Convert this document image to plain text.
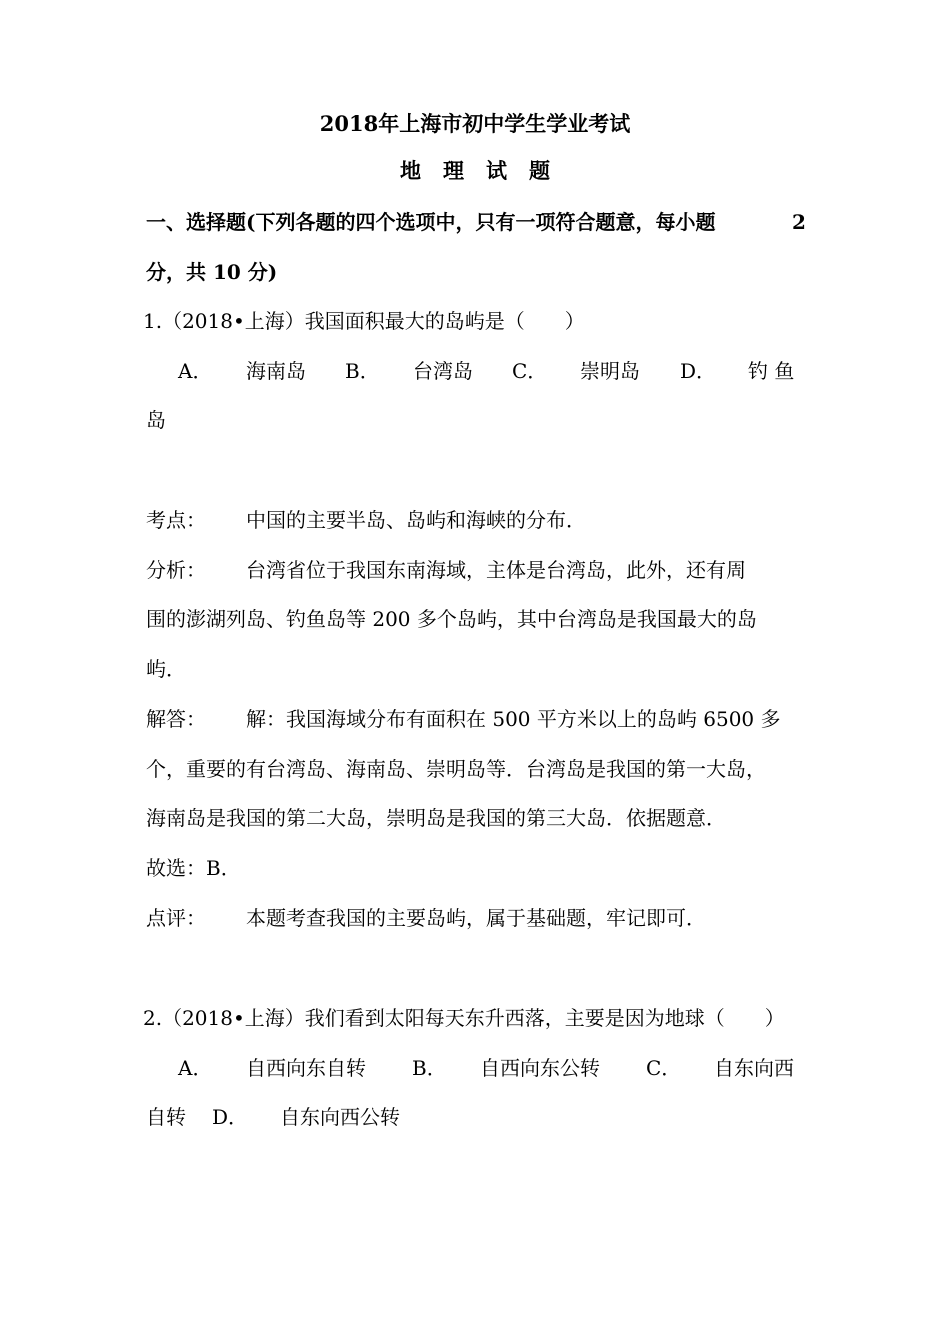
2018年上海市初中学生学业考试
地理试题
一、选择题(下列各题的四个选项中，只有一项符合题意，每小题	2
分，共 10 分)
1.（2018•上海）我国面积最大的岛屿是（　　）
A． 海南岛 B． 台湾岛 C． 崇明岛 D． 钓 鱼
岛
考点： 中国的主要半岛、岛屿和海峡的分布．
分析： 台湾省位于我国东南海域，主体是台湾岛，此外，还有周
围的澎湖列岛、钓鱼岛等 200 多个岛屿，其中台湾岛是我国最大的岛
屿．
解答： 解：我国海域分布有面积在 500 平方米以上的岛屿 6500 多
个，重要的有台湾岛、海南岛、崇明岛等．台湾岛是我国的第一大岛，
海南岛是我国的第二大岛，崇明岛是我国的第三大岛．依据题意．
故选：B．
点评： 本题考查我国的主要岛屿，属于基础题，牢记即可．
2.（2018•上海）我们看到太阳每天东升西落，主要是因为地球（　　）
A． 自西向东自转 B． 自西向东公转 C． 自东向西
自转 D． 自东向西公转
